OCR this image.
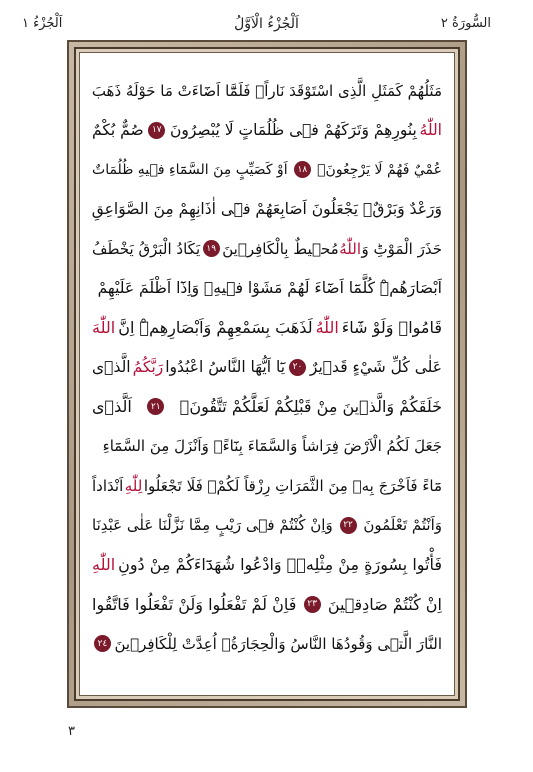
السُّورَةُ ٢
اَلْجُزْءُ الْاَوَّلُ
اَلْجُزْءُ ١
مَثَلُهُمْ كَمَثَلِ الَّذِى اسْتَوْقَدَ نَاراًۚ فَلَمَّٓا اَضَٓاءَتْ مَا حَوْلَهُ ذَهَبَ
اللّٰهُ
بِنُورِهِمْ وَتَرَكَهُمْ فٖى ظُلُمَاتٍ لَا يُبْصِرُونَ
١٧
صُمٌّ بُكْمٌ
عُمْيٌ فَهُمْ لَا يَرْجِعُونَۙ
١٨
اَوْ كَصَيِّبٍ مِنَ السَّمَٓاءِ فٖيهِ ظُلُمَاتٌ
وَرَعْدٌ وَبَرْقٌۚ يَجْعَلُونَ اَصَابِعَهُمْ فٖٓى اٰذَانِهِمْ مِنَ الصَّوَاعِقِ
حَذَرَ الْمَوْتِؕ وَ
اللّٰهُ
مُحٖيطٌ بِالْكَافِرٖينَ
١٩
يَكَادُ الْبَرْقُ يَخْطَفُ
اَبْصَارَهُمْۜ كُلَّمَٓا اَضَٓاءَ لَهُمْ مَشَوْا فٖيهِۗ وَاِذَٓا اَظْلَمَ عَلَيْهِمْ
قَامُواۜ وَلَوْ شَٓاءَ
اللّٰهُ
لَذَهَبَ بِسَمْعِهِمْ وَاَبْصَارِهِمْۜ اِنَّ
اللّٰهَ
عَلٰى كُلِّ شَيْءٍ قَدٖيرٌ
٢٠
يَٓا اَيُّهَا النَّاسُ اعْبُدُوا
رَبَّكُمُ
الَّذٖى
خَلَقَكُمْ وَالَّذٖينَ مِنْ قَبْلِكُمْ لَعَلَّكُمْ تَتَّقُونَۙ
٢١
اَلَّذٖى
جَعَلَ لَكُمُ الْاَرْضَ فِرَاشاً وَالسَّمَٓاءَ بِنَٓاءًۖ وَاَنْزَلَ مِنَ السَّمَٓاءِ
مَٓاءً فَاَخْرَجَ بِهٖ مِنَ الثَّمَرَاتِ رِزْقاً لَكُمْۚ فَلَا تَجْعَلُوا
لِلّٰهِ
اَنْدَاداً
وَاَنْتُمْ تَعْلَمُونَ
٢٢
وَاِنْ كُنْتُمْ فٖى رَيْبٍ مِمَّا نَزَّلْنَا عَلٰى عَبْدِنَا
فَأْتُوا بِسُورَةٍ مِنْ مِثْلِهٖۖ وَادْعُوا شُهَدَٓاءَكُمْ مِنْ دُونِ
اللّٰهِ
اِنْ كُنْتُمْ صَادِقٖينَ
٢٣
فَاِنْ لَمْ تَفْعَلُوا وَلَنْ تَفْعَلُوا فَاتَّقُوا
النَّارَ الَّتٖى وَقُودُهَا النَّاسُ وَالْحِجَارَةُۚ اُعِدَّتْ لِلْكَافِرٖينَ
٢٤
٣
